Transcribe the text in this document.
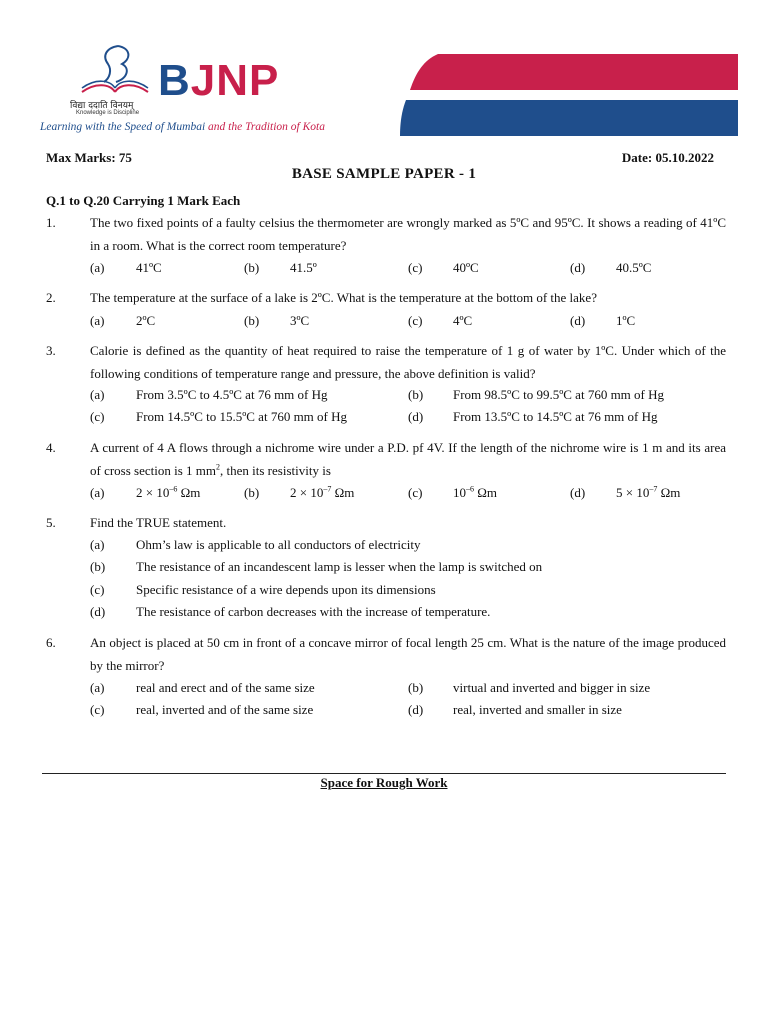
BJNP
विद्या ददाति विनयम्
Knowledge is Discipline
Learning with the Speed of Mumbai and the Tradition of Kota
Max Marks: 75	Date: 05.10.2022
BASE SAMPLE PAPER - 1
Q.1 to Q.20 Carrying 1 Mark Each
1.	The two fixed points of a faulty celsius the thermometer are wrongly marked as 5ºC and 95ºC. It shows a reading of 41ºC in a room. What is the correct room temperature?
(a) 41ºC	(b) 41.5º	(c) 40ºC	(d) 40.5ºC
2.	The temperature at the surface of a lake is 2ºC. What is the temperature at the bottom of the lake?
(a) 2ºC	(b) 3ºC	(c) 4ºC	(d) 1ºC
3.	Calorie is defined as the quantity of heat required to raise the temperature of 1 g of water by 1ºC. Under which of the following conditions of temperature range and pressure, the above definition is valid?
(a) From 3.5ºC to 4.5ºC at 76 mm of Hg	(b) From 98.5ºC to 99.5ºC at 760 mm of Hg
(c) From 14.5ºC to 15.5ºC at 760 mm of Hg	(d) From 13.5ºC to 14.5ºC at 76 mm of Hg
4.	A current of 4 A flows through a nichrome wire under a P.D. pf 4V. If the length of the nichrome wire is 1 m and its area of cross section is 1 $mm^2$, then its resistivity is
(a) $2 \times 10^{-6}$ Ωm	(b) $2 \times 10^{-7}$ Ωm	(c) $10^{-6}$ Ωm	(d) $5 \times 10^{-7}$ Ωm
5.	Find the TRUE statement.
(a) Ohm’s law is applicable to all conductors of electricity
(b) The resistance of an incandescent lamp is lesser when the lamp is switched on
(c) Specific resistance of a wire depends upon its dimensions
(d) The resistance of carbon decreases with the increase of temperature.
6.	An object is placed at 50 cm in front of a concave mirror of focal length 25 cm. What is the nature of the image produced by the mirror?
(a) real and erect and of the same size	(b) virtual and inverted and bigger in size
(c) real, inverted and of the same size	(d) real, inverted and smaller in size
Space for Rough Work
